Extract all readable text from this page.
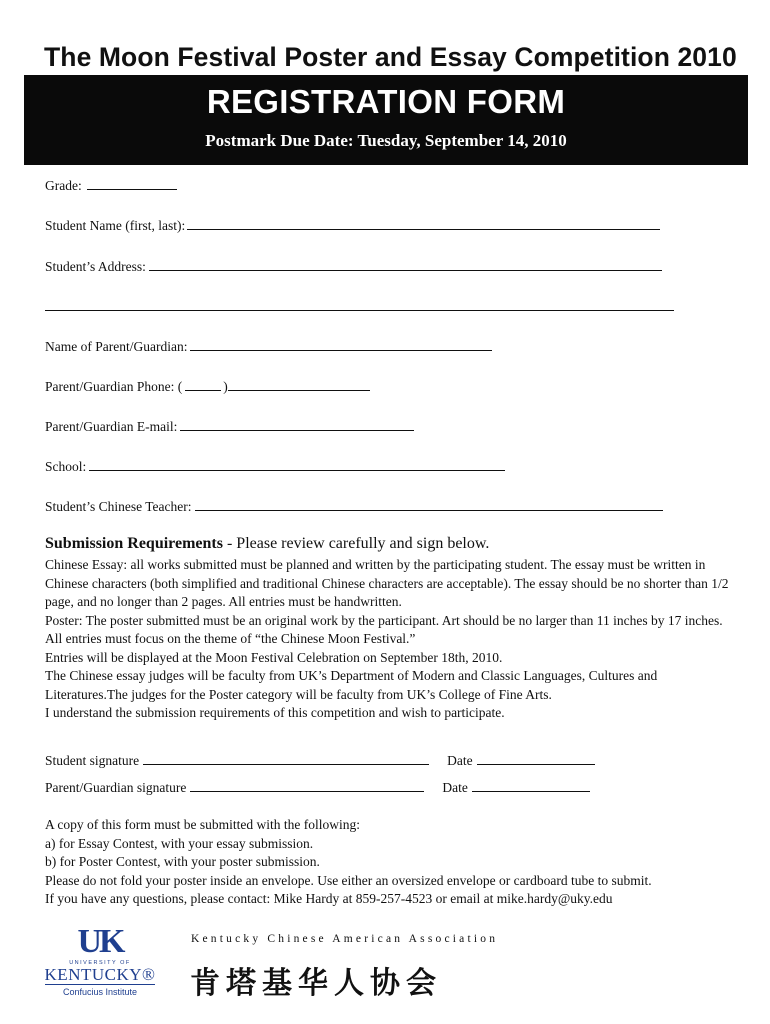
The Moon Festival Poster and Essay Competition 2010
REGISTRATION FORM
Postmark Due Date: Tuesday, September 14, 2010
Grade:
Student Name (first, last):
Student’s Address:
Name of Parent/Guardian:
Parent/Guardian Phone: (	)
Parent/Guardian E-mail:
School:
Student’s Chinese Teacher:
Submission Requirements - Please review carefully and sign below.

Chinese Essay: all works submitted must be planned and written by the participating student. The essay must be written in Chinese characters (both simplified and traditional Chinese characters are acceptable). The essay should be no shorter than 1/2 page, and no longer than 2 pages. All entries must be handwritten.

Poster: The poster submitted must be an original work by the participant. Art should be no larger than 11 inches by 17 inches.

All entries must focus on the theme of “the Chinese Moon Festival.”

Entries will be displayed at the Moon Festival Celebration on September 18th, 2010.

The Chinese essay judges will be faculty from UK’s Department of Modern and Classic Languages, Cultures and Literatures.The judges for the Poster category will be faculty from UK’s College of Fine Arts.

I understand the submission requirements of this competition and wish to participate.

Student signature	Date
Parent/Guardian signature	Date

A copy of this form must be submitted with the following:

a) for Essay Contest, with your essay submission.

b) for Poster Contest, with your poster submission.

Please do not fold your poster inside an envelope. Use either an oversized envelope or cardboard tube to submit.

If you have any questions, please contact: Mike Hardy at 859-257-4523 or email at mike.hardy@uky.edu

UK
UNIVERSITY OF
KENTUCKY®
Confucius Institute
Kentucky Chinese American Association
肯塔基华人协会
